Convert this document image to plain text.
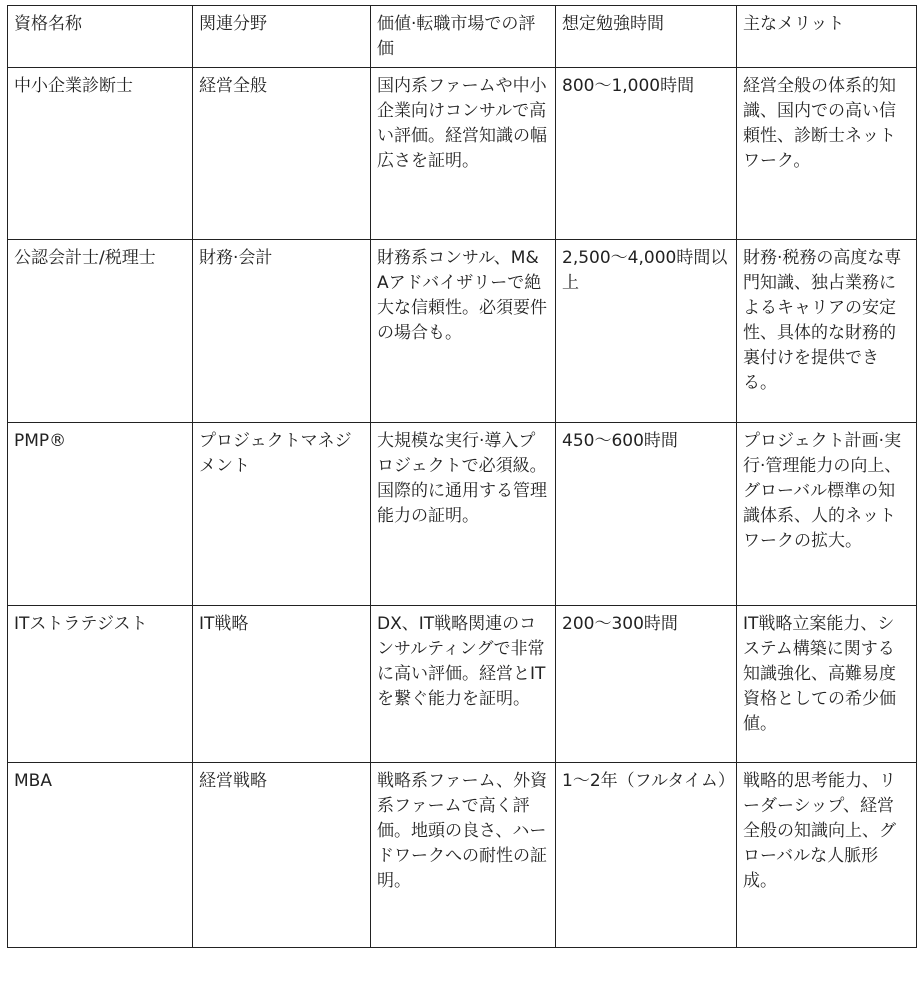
資格名称	関連分野	価値·転職市場での評価	想定勉強時間	主なメリット
中小企業診断士	経営全般	国内系ファームや中小企業向けコンサルで高い評価。経営知識の幅広さを証明。	800〜1,000時間	経営全般の体系的知識、国内での高い信頼性、診断士ネットワーク。
公認会計士/税理士	財務·会計	財務系コンサル、M&Aアドバイザリーで絶大な信頼性。必須要件の場合も。	2,500〜4,000時間以上	財務·税務の高度な専門知識、独占業務によるキャリアの安定性、具体的な財務的裏付けを提供できる。
PMP®	プロジェクトマネジメント	大規模な実行·導入プロジェクトで必須級。国際的に通用する管理能力の証明。	450〜600時間	プロジェクト計画·実行·管理能力の向上、グローバル標準の知識体系、人的ネットワークの拡大。
ITストラテジスト	IT戦略	DX、IT戦略関連のコンサルティングで非常に高い評価。経営とITを繋ぐ能力を証明。	200〜300時間	IT戦略立案能力、システム構築に関する知識強化、高難易度資格としての希少価値。
MBA	経営戦略	戦略系ファーム、外資系ファームで高く評価。地頭の良さ、ハードワークへの耐性の証明。	1〜2年（フルタイム）	戦略的思考能力、リーダーシップ、経営全般の知識向上、グローバルな人脈形成。
